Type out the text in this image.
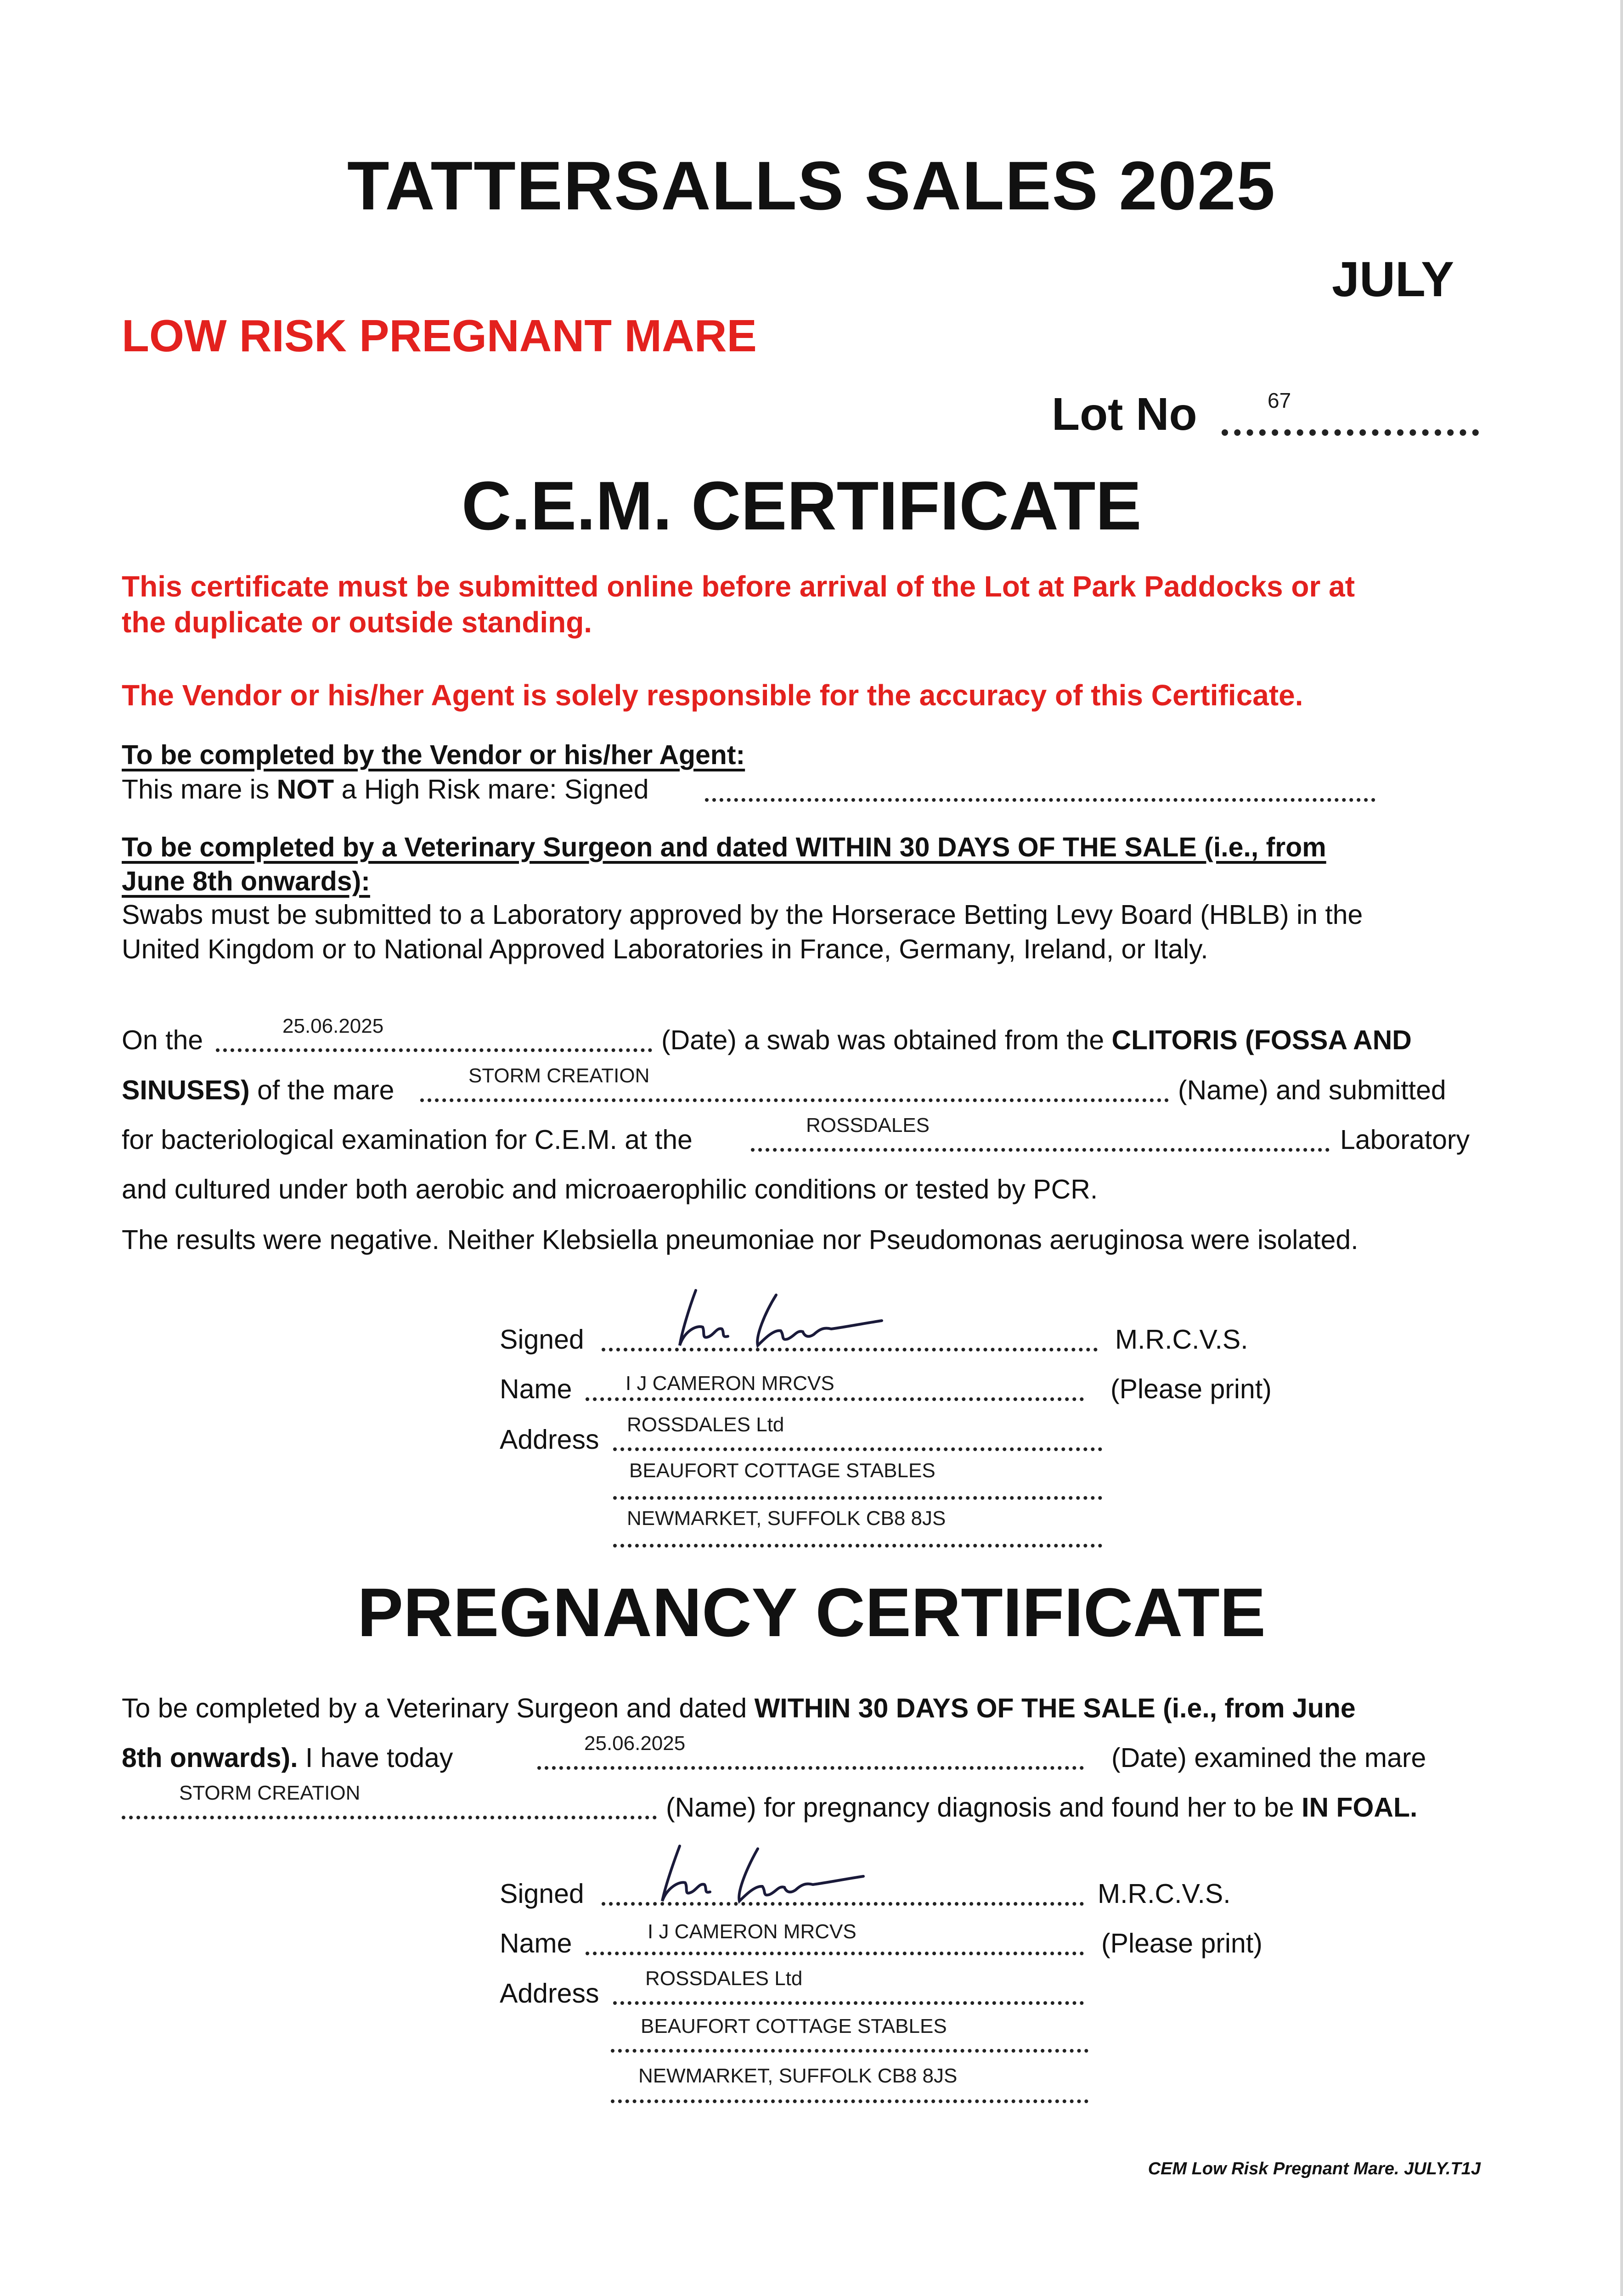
TATTERSALLS SALES 2025
JULY
LOW RISK PREGNANT MARE
Lot No	67
C.E.M. CERTIFICATE
This certificate must be submitted online before arrival of the Lot at Park Paddocks or at
the duplicate or outside standing.
The Vendor or his/her Agent is solely responsible for the accuracy of this Certificate.
To be completed by the Vendor or his/her Agent:
This mare is NOT a High Risk mare: Signed
To be completed by a Veterinary Surgeon and dated WITHIN 30 DAYS OF THE SALE (i.e., from
June 8th onwards):
Swabs must be submitted to a Laboratory approved by the Horserace Betting Levy Board (HBLB) in the
United Kingdom or to National Approved Laboratories in France, Germany, Ireland, or Italy.
On the	25.06.2025	(Date) a swab was obtained from the CLITORIS (FOSSA AND
SINUSES) of the mare	STORM CREATION	(Name) and submitted
for bacteriological examination for C.E.M. at the	ROSSDALES	Laboratory
and cultured under both aerobic and microaerophilic conditions or tested by PCR.
The results were negative. Neither Klebsiella pneumoniae nor Pseudomonas aeruginosa were isolated.
Signed	M.R.C.V.S.
Name	I J CAMERON MRCVS	(Please print)
Address ROSSDALES Ltd
BEAUFORT COTTAGE STABLES
NEWMARKET, SUFFOLK CB8 8JS
PREGNANCY CERTIFICATE
To be completed by a Veterinary Surgeon and dated WITHIN 30 DAYS OF THE SALE (i.e., from June
8th onwards). I have today	25.06.2025	(Date) examined the mare
STORM CREATION	(Name) for pregnancy diagnosis and found her to be IN FOAL.
Signed	M.R.C.V.S.
Name	I J CAMERON MRCVS	(Please print)
Address ROSSDALES Ltd
BEAUFORT COTTAGE STABLES
NEWMARKET, SUFFOLK CB8 8JS
CEM Low Risk Pregnant Mare. JULY.T1J
